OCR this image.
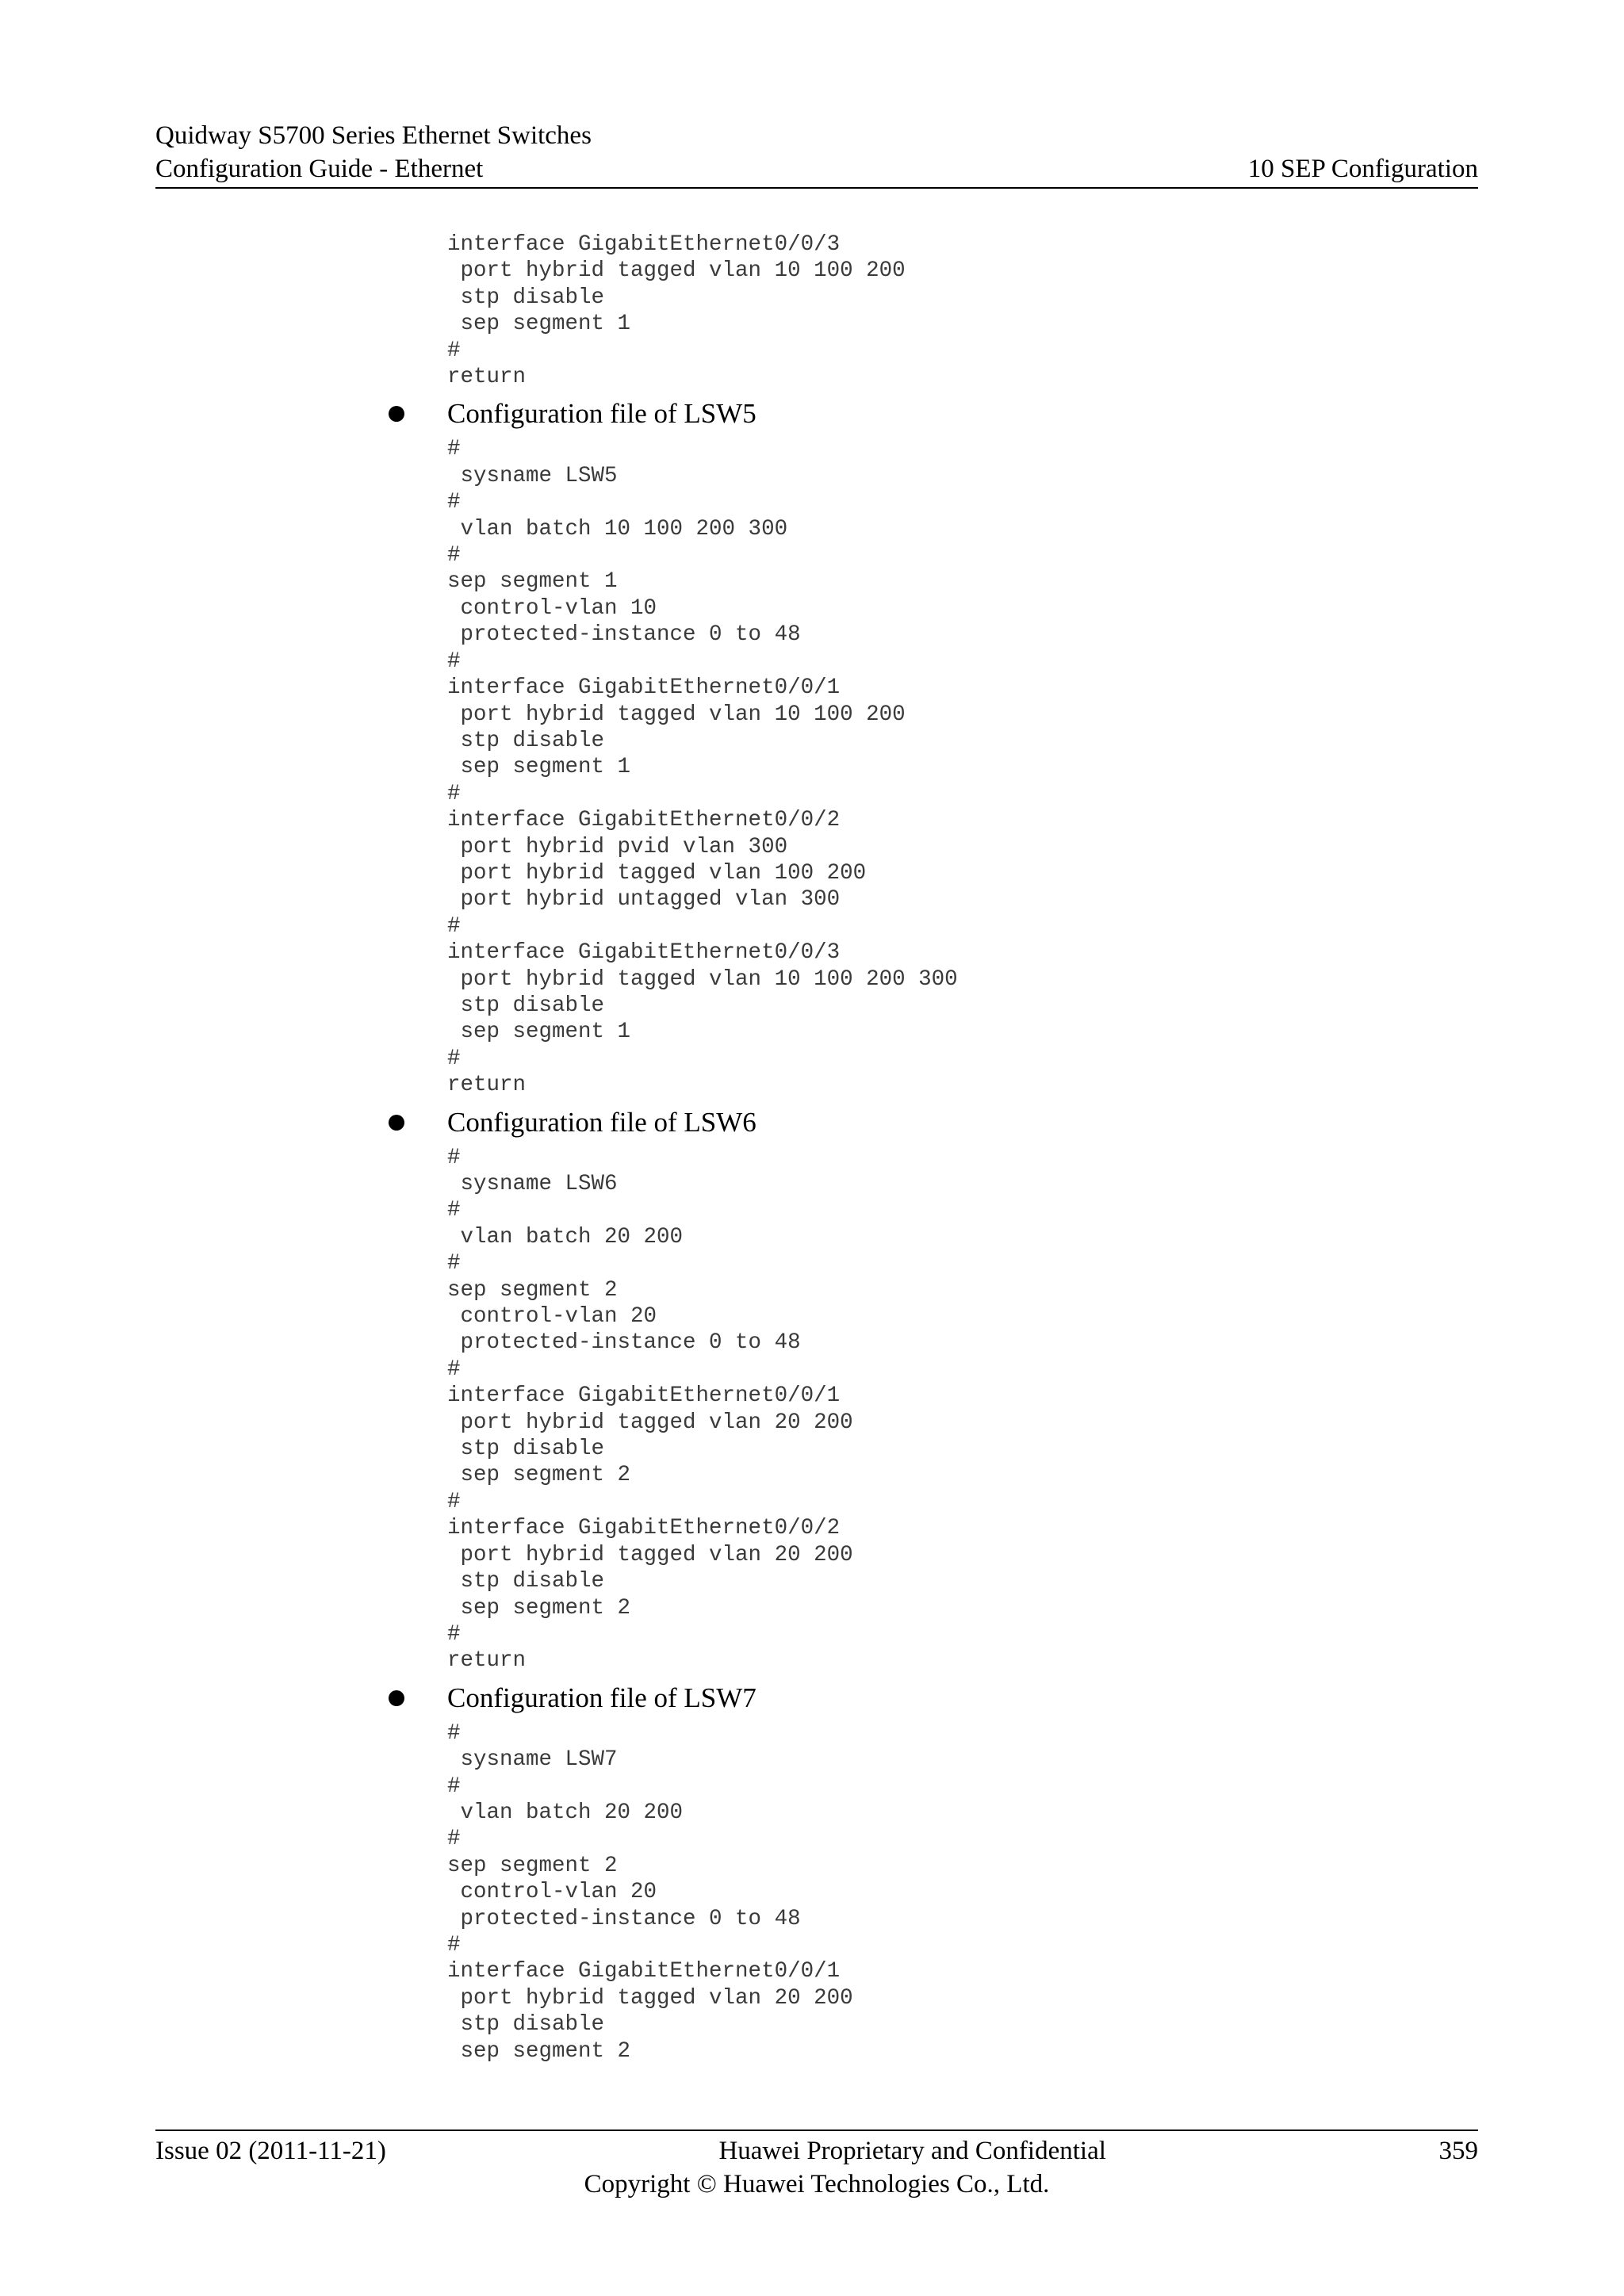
Quidway S5700 Series Ethernet Switches
Configuration Guide - Ethernet	10 SEP Configuration
interface GigabitEthernet0/0/3
port hybrid tagged vlan 10 100 200
stp disable
sep segment 1
#
return
Configuration file of LSW5
#
sysname LSW5
#
vlan batch 10 100 200 300
#
sep segment 1
control-vlan 10
protected-instance 0 to 48
#
interface GigabitEthernet0/0/1
port hybrid tagged vlan 10 100 200
stp disable
sep segment 1
#
interface GigabitEthernet0/0/2
port hybrid pvid vlan 300
port hybrid tagged vlan 100 200
port hybrid untagged vlan 300
#
interface GigabitEthernet0/0/3
port hybrid tagged vlan 10 100 200 300
stp disable
sep segment 1
#
return
Configuration file of LSW6
#
sysname LSW6
#
vlan batch 20 200
#
sep segment 2
control-vlan 20
protected-instance 0 to 48
#
interface GigabitEthernet0/0/1
port hybrid tagged vlan 20 200
stp disable
sep segment 2
#
interface GigabitEthernet0/0/2
port hybrid tagged vlan 20 200
stp disable
sep segment 2
#
return
Configuration file of LSW7
#
sysname LSW7
#
vlan batch 20 200
#
sep segment 2
control-vlan 20
protected-instance 0 to 48
#
interface GigabitEthernet0/0/1
port hybrid tagged vlan 20 200
stp disable
sep segment 2
Issue 02 (2011-11-21)	Huawei Proprietary and Confidential	359
Copyright © Huawei Technologies Co., Ltd.
